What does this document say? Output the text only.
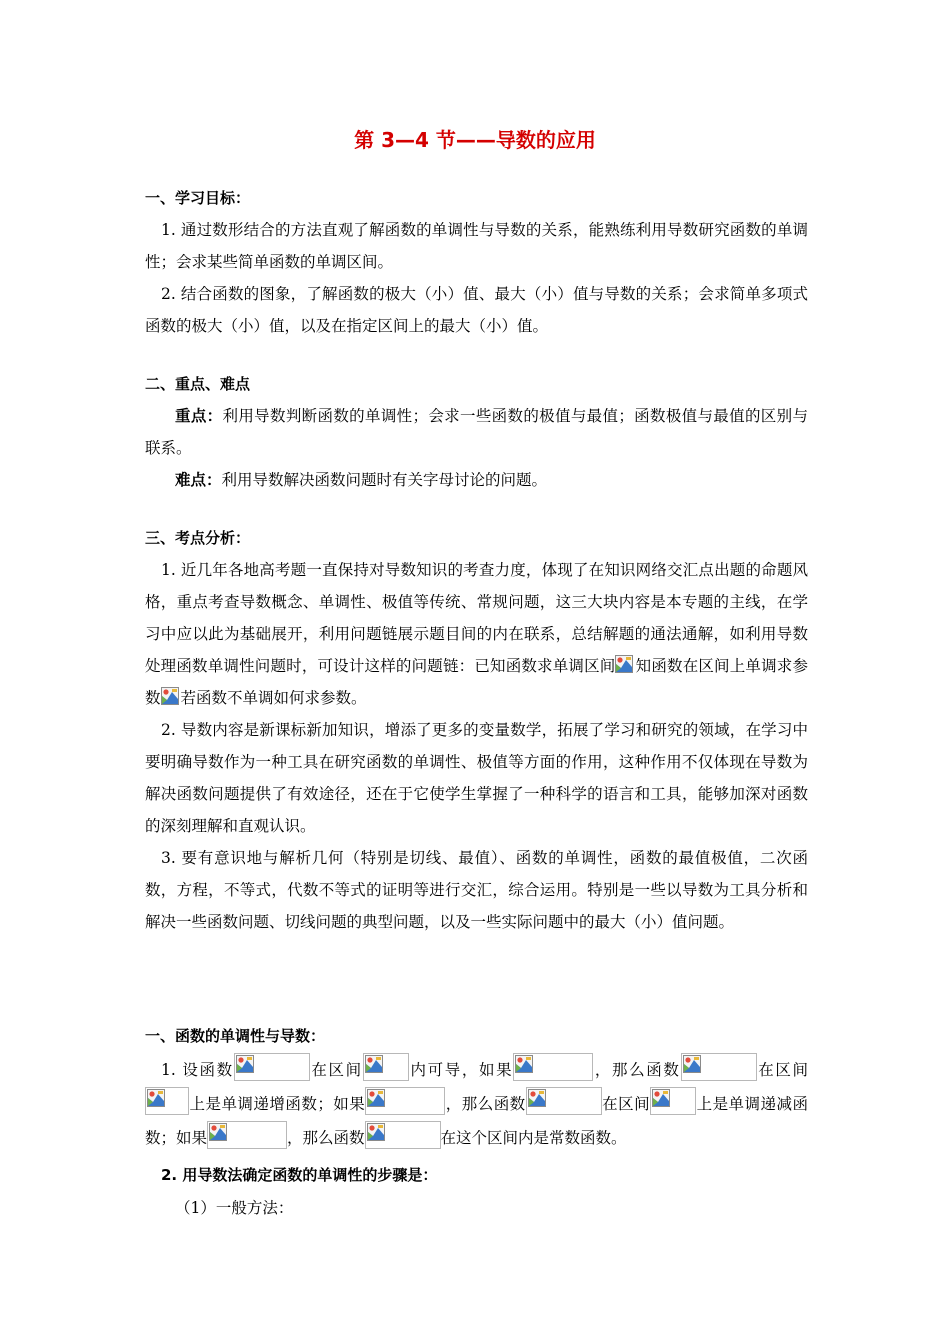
第 3—4 节——导数的应用
一、学习目标：
1. 通过数形结合的方法直观了解函数的单调性与导数的关系，能熟练利用导数研究函数的单调性；会求某些简单函数的单调区间。
2. 结合函数的图象，了解函数的极大（小）值、最大（小）值与导数的关系；会求简单多项式函数的极大（小）值，以及在指定区间上的最大（小）值。
二、重点、难点
重点：利用导数判断函数的单调性；会求一些函数的极值与最值；函数极值与最值的区别与联系。
难点：利用导数解决函数问题时有关字母讨论的问题。
三、考点分析：
1. 近几年各地高考题一直保持对导数知识的考查力度，体现了在知识网络交汇点出题的命题风格，重点考查导数概念、单调性、极值等传统、常规问题，这三大块内容是本专题的主线，在学习中应以此为基础展开，利用问题链展示题目间的内在联系，总结解题的通法通解，如利用导数处理函数单调性问题时，可设计这样的问题链：已知函数求单调区间 知函数在区间上单调求参数 若函数不单调如何求参数。
2. 导数内容是新课标新加知识，增添了更多的变量数学，拓展了学习和研究的领域，在学习中要明确导数作为一种工具在研究函数的单调性、极值等方面的作用，这种作用不仅体现在导数为解决函数问题提供了有效途径，还在于它使学生掌握了一种科学的语言和工具，能够加深对函数的深刻理解和直观认识。
3. 要有意识地与解析几何（特别是切线、最值）、函数的单调性，函数的最值极值，二次函数，方程，不等式，代数不等式的证明等进行交汇，综合运用。特别是一些以导数为工具分析和解决一些函数问题、切线问题的典型问题，以及一些实际问题中的最大（小）值问题。
一、函数的单调性与导数：
1. 设函数	在区间	内可导，如果	，那么函数	在区间
上是单调递增函数；如果	，那么函数	在区间	上是单调递减函数；如果	，那么函数	在这个区间内是常数函数。
2. 用导数法确定函数的单调性的步骤是：
（1）一般方法：
